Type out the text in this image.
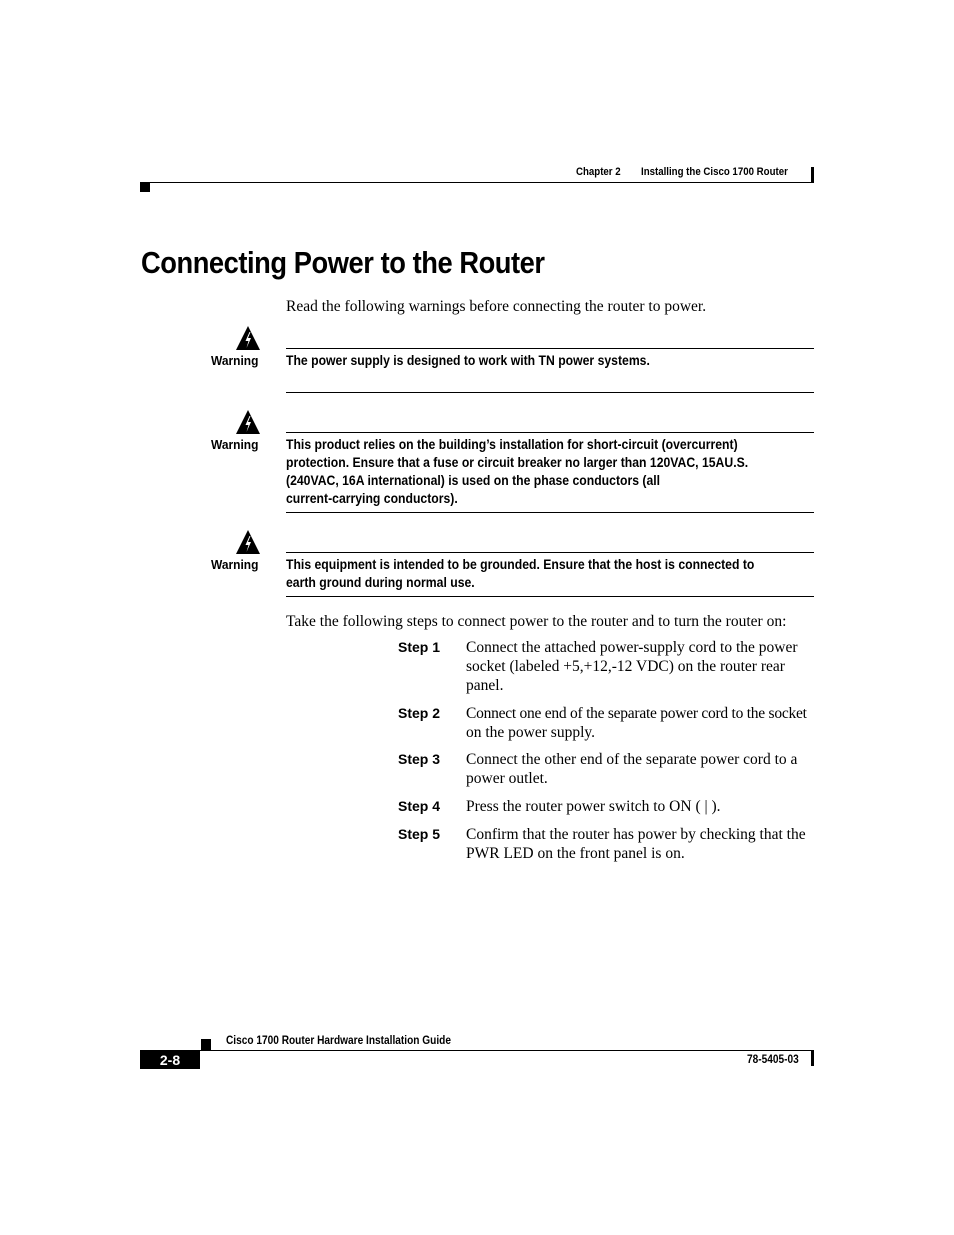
Chapter 2 Installing the Cisco 1700 Router
Connecting Power to the Router
Read the following warnings before connecting the router to power.
Warning The power supply is designed to work with TN power systems.
Warning This product relies on the building’s installation for short-circuit (overcurrent)
protection. Ensure that a fuse or circuit breaker no larger than 120VAC, 15AU.S.
(240VAC, 16A international) is used on the phase conductors (all
current-carrying conductors).
Warning This equipment is intended to be grounded. Ensure that the host is connected to
earth ground during normal use.
Take the following steps to connect power to the router and to turn the router on:
Step 1 Connect the attached power-supply cord to the power
socket (labeled +5,+12,-12 VDC) on the router rear
panel.
Step 2 Connect one end of the separate power cord to the socket
on the power supply.
Step 3 Connect the other end of the separate power cord to a
power outlet.
Step 4 Press the router power switch to ON ( | ).
Step 5 Confirm that the router has power by checking that the
PWR LED on the front panel is on.
Cisco 1700 Router Hardware Installation Guide
2-8	78-5405-03
